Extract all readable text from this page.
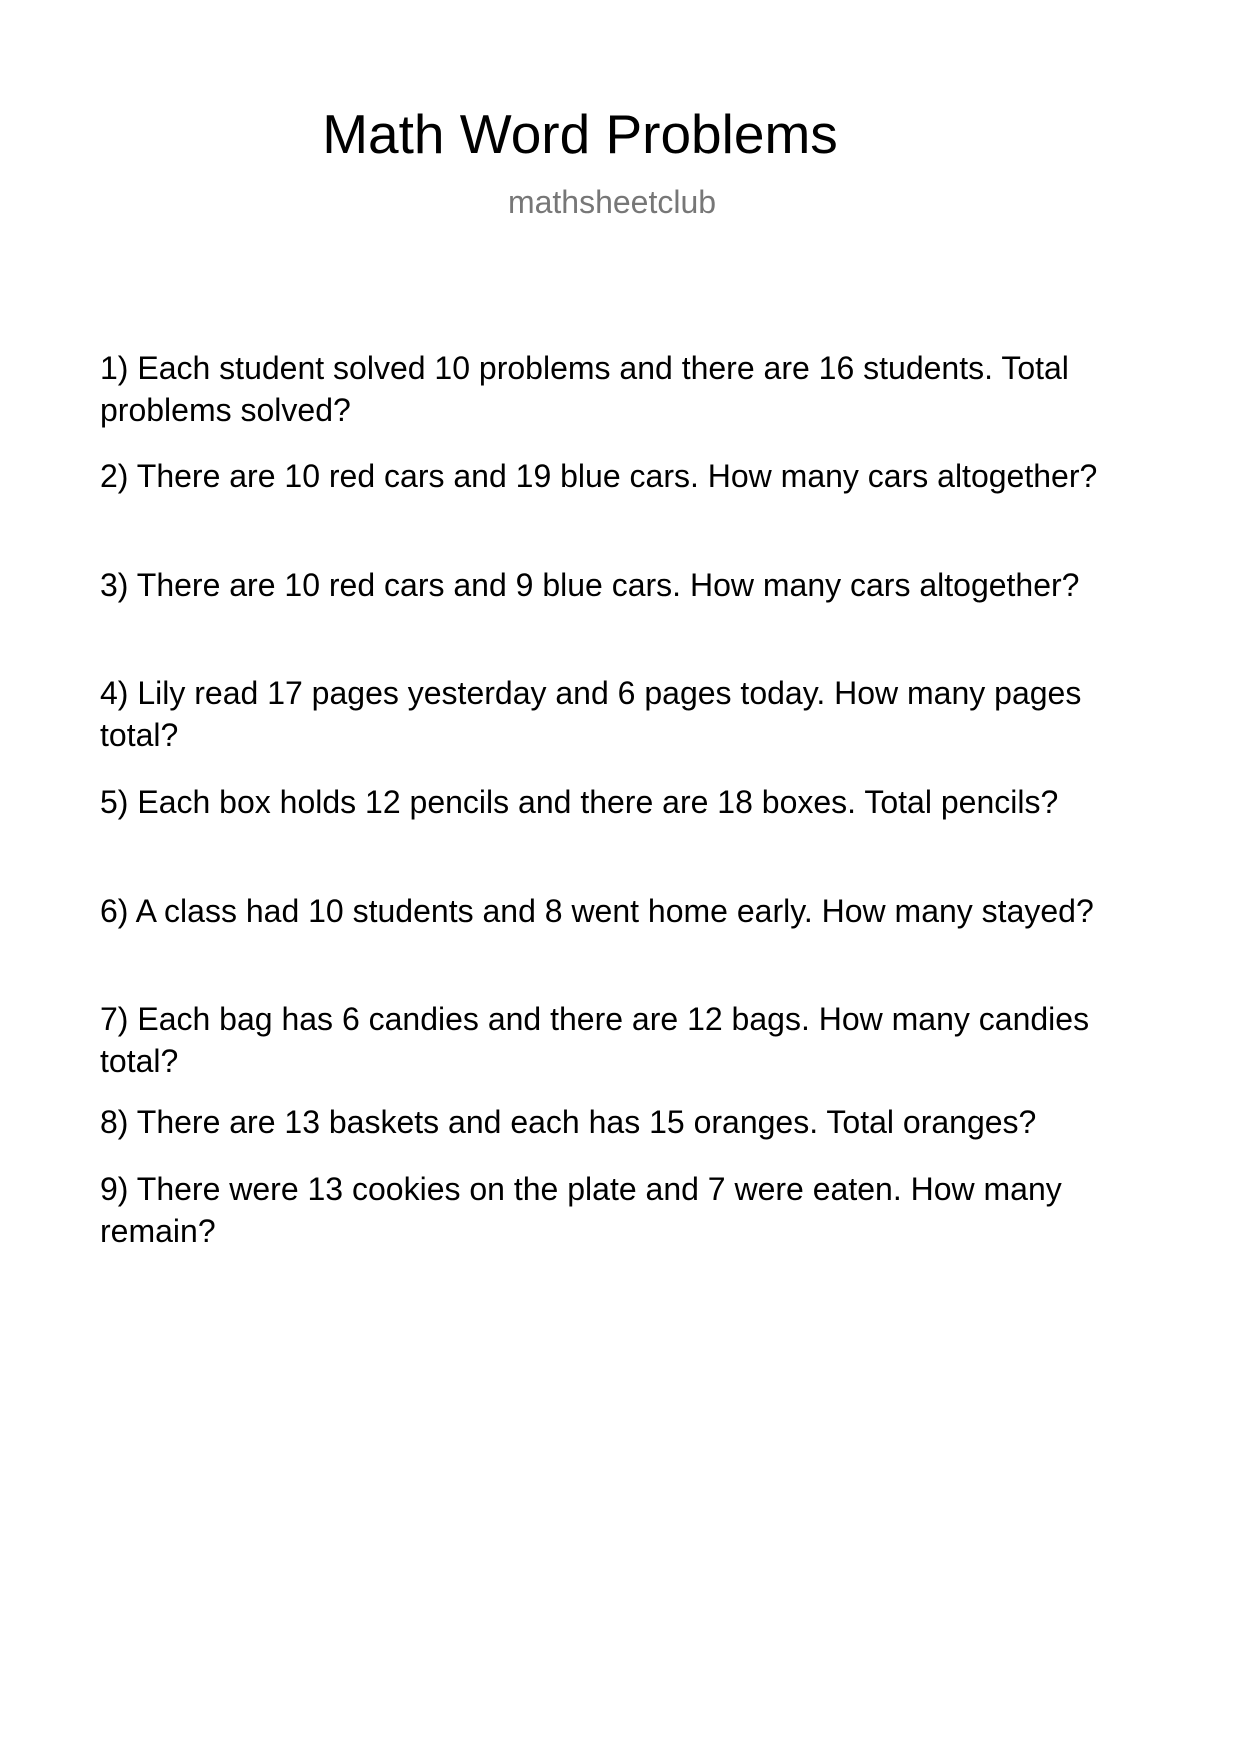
Math Word Problems
mathsheetclub

1) Each student solved 10 problems and there are 16 students. Total problems solved?

2) There are 10 red cars and 19 blue cars. How many cars altogether?

3) There are 10 red cars and 9 blue cars. How many cars altogether?

4) Lily read 17 pages yesterday and 6 pages today. How many pages total?

5) Each box holds 12 pencils and there are 18 boxes. Total pencils?

6) A class had 10 students and 8 went home early. How many stayed?

7) Each bag has 6 candies and there are 12 bags. How many candies total?

8) There are 13 baskets and each has 15 oranges. Total oranges?

9) There were 13 cookies on the plate and 7 were eaten. How many remain?
